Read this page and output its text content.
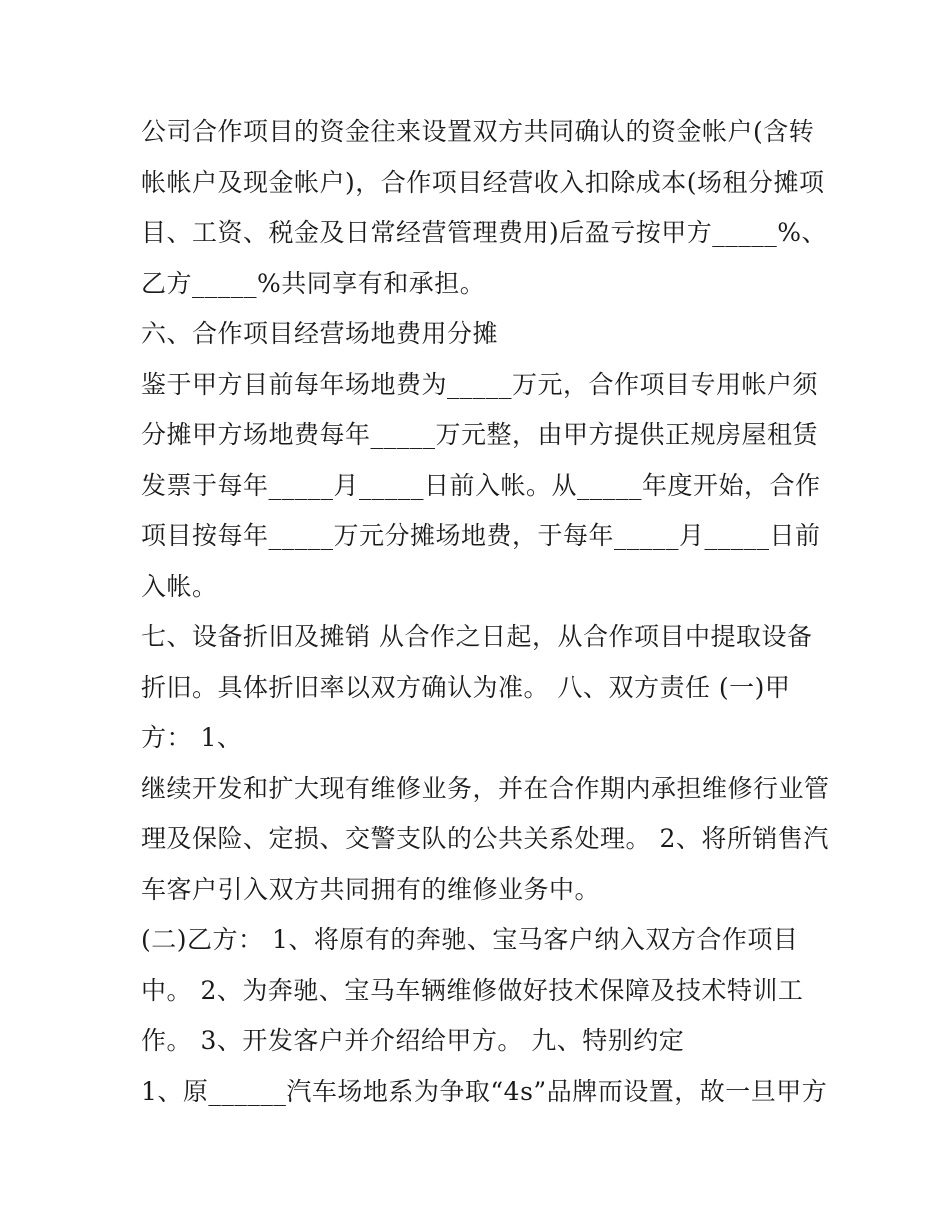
公司合作项目的资金往来设置双方共同确认的资金帐户(含转
帐帐户及现金帐户)，合作项目经营收入扣除成本(场租分摊项
目、工资、税金及日常经营管理费用)后盈亏按甲方_____%、
乙方_____%共同享有和承担。
六、合作项目经营场地费用分摊
鉴于甲方目前每年场地费为_____万元，合作项目专用帐户须
分摊甲方场地费每年_____万元整，由甲方提供正规房屋租赁
发票于每年_____月_____日前入帐。从_____年度开始，合作
项目按每年_____万元分摊场地费，于每年_____月_____日前
入帐。
七、设备折旧及摊销 从合作之日起，从合作项目中提取设备
折旧。具体折旧率以双方确认为准。 八、双方责任 (一)甲
方： 1、
继续开发和扩大现有维修业务，并在合作期内承担维修行业管
理及保险、定损、交警支队的公共关系处理。 2、将所销售汽
车客户引入双方共同拥有的维修业务中。
(二)乙方： 1、将原有的奔驰、宝马客户纳入双方合作项目
中。 2、为奔驰、宝马车辆维修做好技术保障及技术特训工
作。 3、开发客户并介绍给甲方。 九、特别约定
1、原______汽车场地系为争取“4s”品牌而设置，故一旦甲方
